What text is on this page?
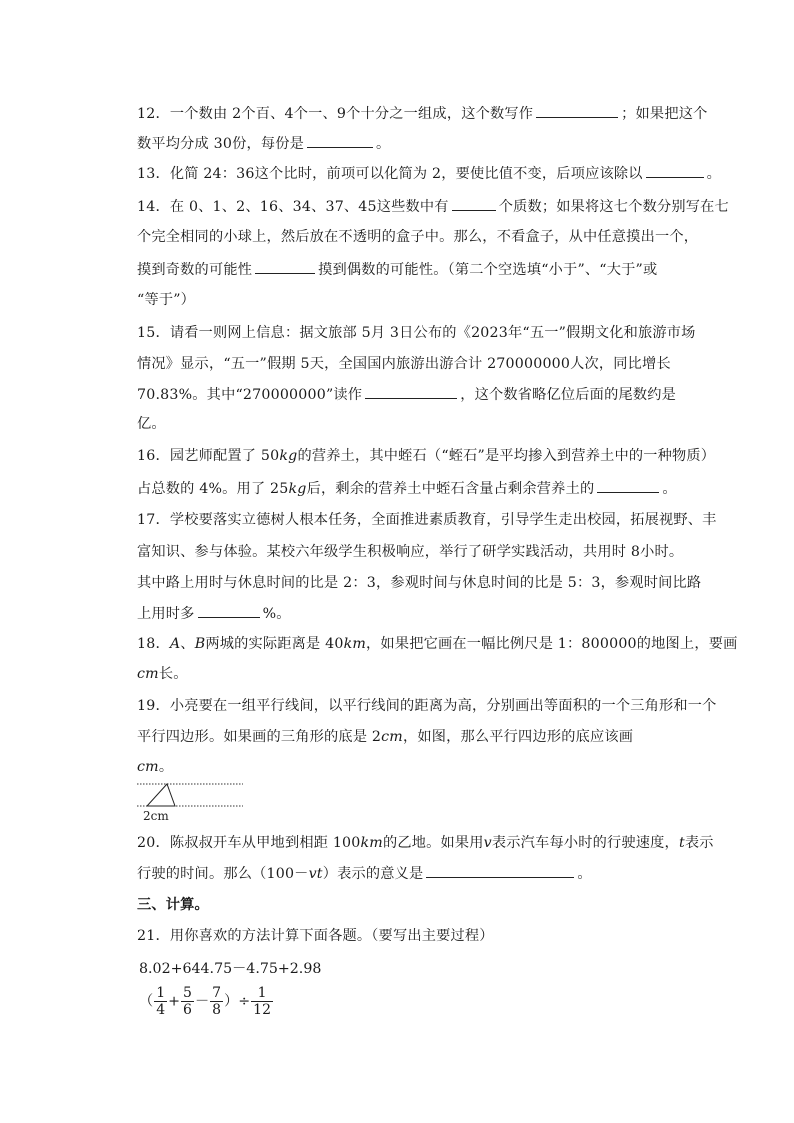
12．一个数由 2个百、4个一、9个十分之一组成，这个数写作	；如果把这个
数平均分成 30份，每份是	。
13．化简 24：36这个比时，前项可以化简为 2，要使比值不变，后项应该除以	。
14．在 0、1、2、16、34、37、45这些数中有	个质数；如果将这七个数分别写在七
个完全相同的小球上，然后放在不透明的盒子中。那么，不看盒子，从中任意摸出一个，
摸到奇数的可能性	摸到偶数的可能性。（第二个空选填“小于”、“大于”或
“等于”）
15．请看一则网上信息：据文旅部 5月 3日公布的《2023年“五一”假期文化和旅游市场
情况》显示，“五一”假期 5天，全国国内旅游出游合计 270000000人次，同比增长
70.83%。其中“270000000”读作	，这个数省略亿位后面的尾数约是
亿。
16．园艺师配置了 50kg的营养土，其中蛭石（“蛭石”是平均掺入到营养土中的一种物质）
占总数的 4%。用了 25kg后，剩余的营养土中蛭石含量占剩余营养土的	。
17．学校要落实立德树人根本任务，全面推进素质教育，引导学生走出校园，拓展视野、丰
富知识、参与体验。某校六年级学生积极响应，举行了研学实践活动，共用时 8小时。
其中路上用时与休息时间的比是 2：3，参观时间与休息时间的比是 5：3，参观时间比路
上用时多	%。
18．A、B两城的实际距离是 40km，如果把它画在一幅比例尺是 1：800000的地图上，要画
cm长。
19．小亮要在一组平行线间，以平行线间的距离为高，分别画出等面积的一个三角形和一个
平行四边形。如果画的三角形的底是 2cm，如图，那么平行四边形的底应该画
cm。
2cm
20．陈叔叔开车从甲地到相距 100km的乙地。如果用v表示汽车每小时的行驶速度，t表示
行驶的时间。那么（100－vt）表示的意义是	。
三、计算。
21．用你喜欢的方法计算下面各题。（要写出主要过程）
8.02+644.75－4.75+2.98
（ $\frac{1}{4} + \frac{5}{6} - \frac{7}{8}$ ）÷ $\frac{1}{12}$
